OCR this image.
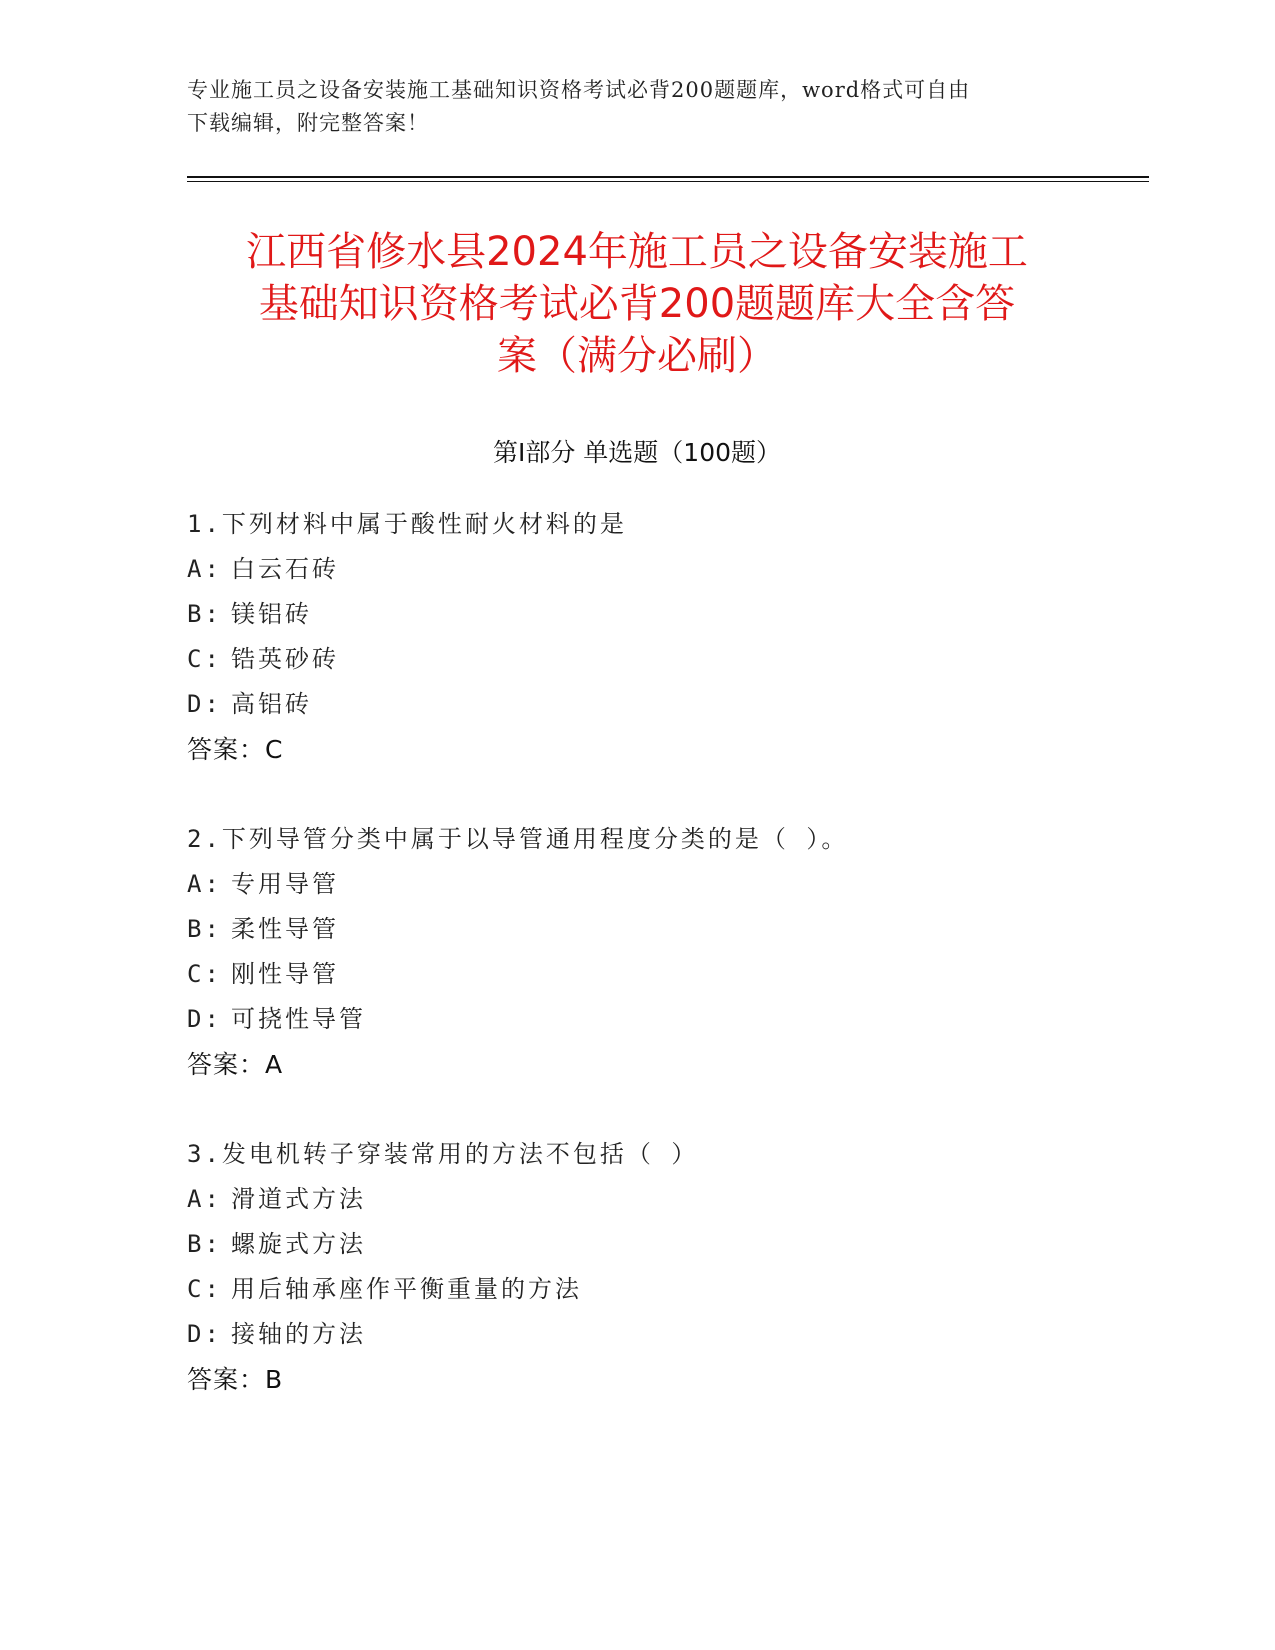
专业施工员之设备安装施工基础知识资格考试必背200题题库，word格式可自由
下载编辑，附完整答案！
江西省修水县2024年施工员之设备安装施工
基础知识资格考试必背200题题库大全含答
案（满分必刷）
第I部分 单选题（100题）
1.下列材料中属于酸性耐火材料的是
A: 白云石砖
B: 镁铝砖
C: 锆英砂砖
D: 高铝砖
答案：C
2.下列导管分类中属于以导管通用程度分类的是（ ）。
A: 专用导管
B: 柔性导管
C: 刚性导管
D: 可挠性导管
答案：A
3.发电机转子穿装常用的方法不包括（ ）
A: 滑道式方法
B: 螺旋式方法
C: 用后轴承座作平衡重量的方法
D: 接轴的方法
答案：B
